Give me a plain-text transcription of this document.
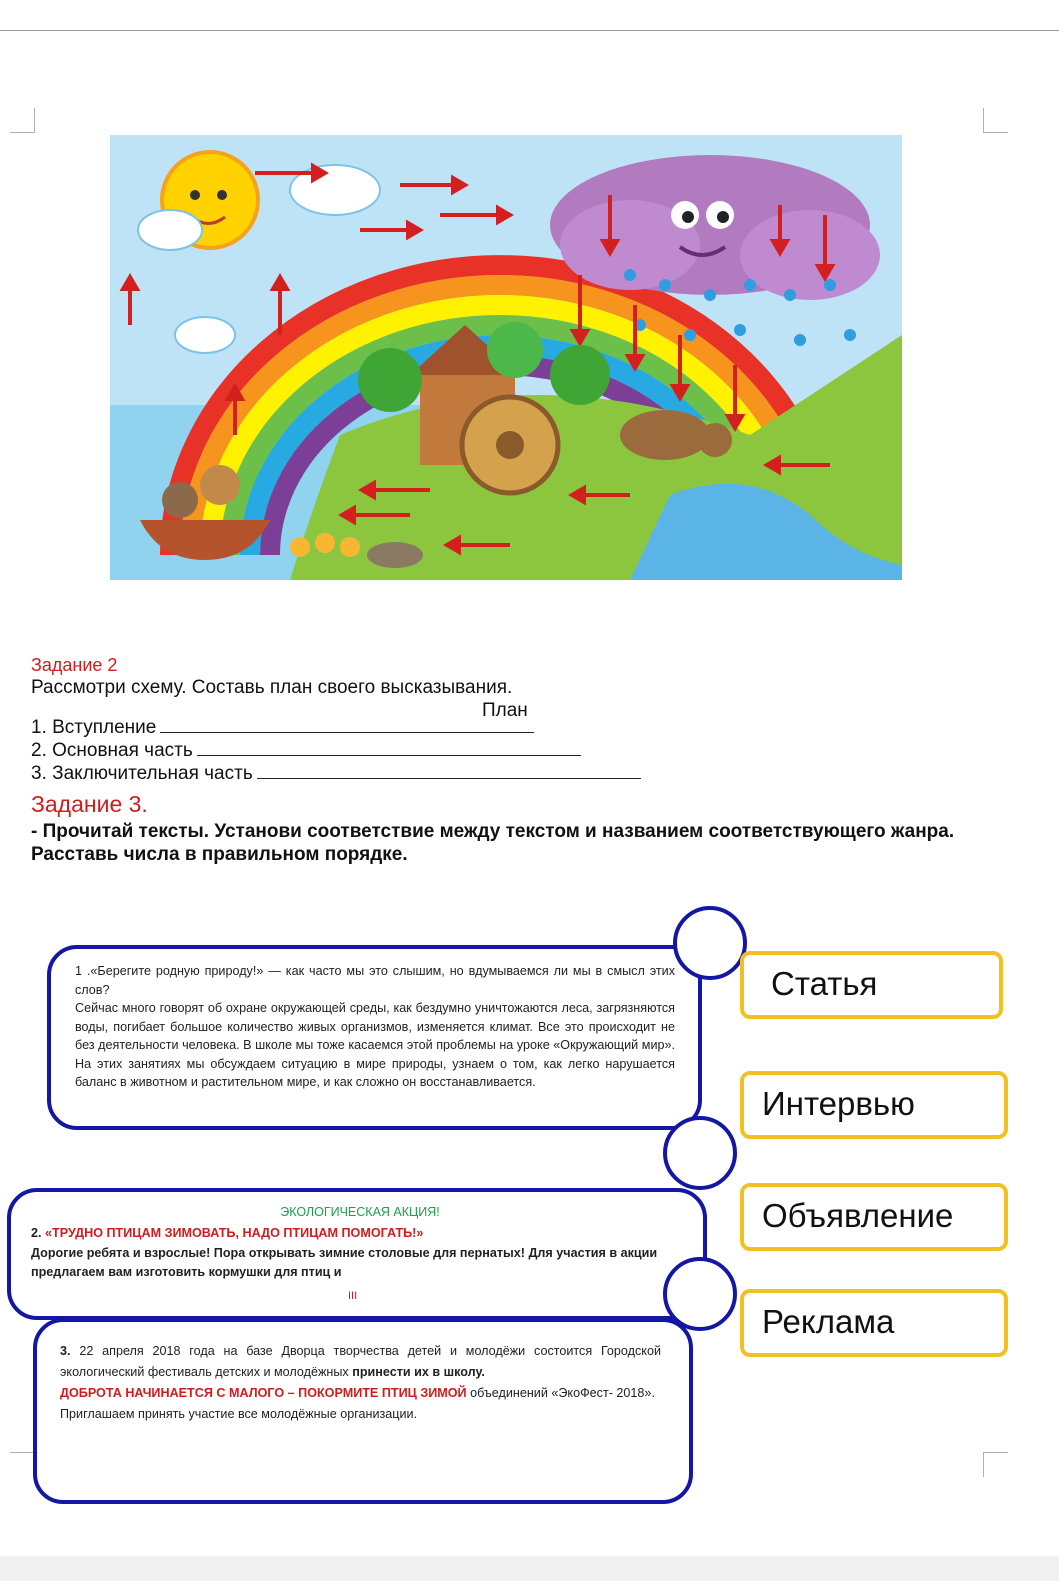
Задание 2
Рассмотри схему. Составь план своего высказывания.
План
1. Вступление
2. Основная часть
3. Заключительная часть
Задание 3.
- Прочитай тексты. Установи соответствие между текстом и названием соответствующего жанра. Расставь числа в правильном порядке.

1 .«Берегите родную природу!» — как часто мы это слышим, но вдумываемся ли мы в смысл этих слов?

Сейчас много говорят об охране окружающей среды, как бездумно уничтожаются леса, загрязняются воды, погибает большое количество живых организмов, изменяется климат. Все это происходит не без деятельности человека. В школе мы тоже касаемся этой проблемы на уроке «Окружающий мир». На этих занятиях мы обсуждаем ситуацию в мире природы, узнаем о том, как легко нарушается баланс в животном и растительном мире, и как сложно он восстанавливается.

ЭКОЛОГИЧЕСКАЯ АКЦИЯ!
2. «ТРУДНО ПТИЦАМ ЗИМОВАТЬ, НАДО ПТИЦАМ ПОМОГАТЬ!»
Дорогие ребята и взрослые! Пора открывать зимние столовые для пернатых! Для участия в акции предлагаем вам изготовить кормушки для птиц и
III

3. 22 апреля 2018 года на базе Дворца творчества детей и молодёжи состоится Городской экологический фестиваль детских и молодёжных принести их в школу.

ДОБРОТА НАЧИНАЕТСЯ С МАЛОГО – ПОКОРМИТЕ ПТИЦ ЗИМОЙ объединений «ЭкоФест- 2018».

Приглашаем принять участие все молодёжные организации.

Статья
Интервью
Объявление
Реклама
